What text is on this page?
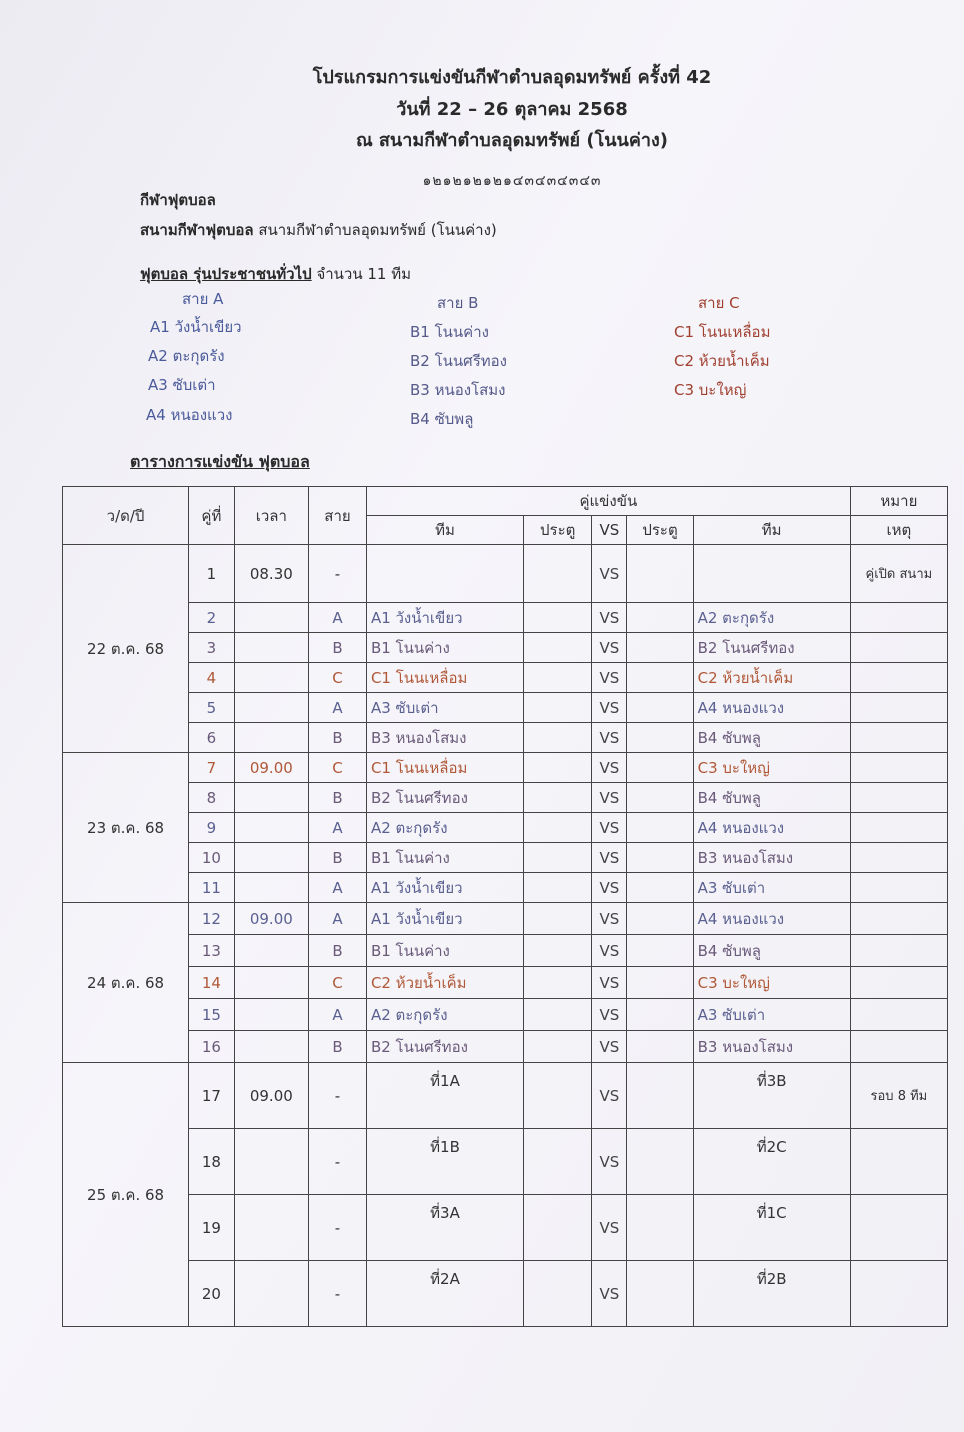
โปรแกรมการแข่งขันกีฬาตำบลอุดมทรัพย์ ครั้งที่ 42
วันที่ 22 – 26 ตุลาคม 2568
ณ สนามกีฬาตำบลอุดมทรัพย์ (โนนค่าง)
๑๒๑๒๑๒๑๒๑๔๓๔๓๔๓๔๓
กีฬาฟุตบอล
สนามกีฬาฟุตบอล สนามกีฬาตำบลอุดมทรัพย์ (โนนค่าง)
ฟุตบอล รุ่นประชาชนทั่วไป จำนวน 11 ทีม
สาย A
A1 วังน้ำเขียว
A2 ตะกุดรัง
A3 ซับเต่า
A4 หนองแวง
สาย B
B1 โนนค่าง
B2 โนนศรีทอง
B3 หนองโสมง
B4 ซับพลู
สาย C
C1 โนนเหลื่อม
C2 ห้วยน้ำเค็ม
C3 บะใหญ่
ตารางการแข่งขัน ฟุตบอล
ว/ด/ปี	คู่ที่	เวลา	สาย	คู่แข่งขัน					หมาย
				ทีม	ประตู	VS	ประตู	ทีม	เหตุ
22 ต.ค. 68	1	08.30	-			VS			คู่เปิด สนาม
	2		A	A1 วังน้ำเขียว		VS		A2 ตะกุดรัง	
	3		B	B1 โนนค่าง		VS		B2 โนนศรีทอง	
	4		C	C1 โนนเหลื่อม		VS		C2 ห้วยน้ำเค็ม	
	5		A	A3 ซับเต่า		VS		A4 หนองแวง	
	6		B	B3 หนองโสมง		VS		B4 ซับพลู	
23 ต.ค. 68	7	09.00	C	C1 โนนเหลื่อม		VS		C3 บะใหญ่	
	8		B	B2 โนนศรีทอง		VS		B4 ซับพลู	
	9		A	A2 ตะกุดรัง		VS		A4 หนองแวง	
	10		B	B1 โนนค่าง		VS		B3 หนองโสมง	
	11		A	A1 วังน้ำเขียว		VS		A3 ซับเต่า	
24 ต.ค. 68	12	09.00	A	A1 วังน้ำเขียว		VS		A4 หนองแวง	
	13		B	B1 โนนค่าง		VS		B4 ซับพลู	
	14		C	C2 ห้วยน้ำเค็ม		VS		C3 บะใหญ่	
	15		A	A2 ตะกุดรัง		VS		A3 ซับเต่า	
	16		B	B2 โนนศรีทอง		VS		B3 หนองโสมง	
25 ต.ค. 68	17	09.00	-	ที่1A		VS		ที่3B	รอบ 8 ทีม
	18		-	ที่1B		VS		ที่2C	
	19		-	ที่3A		VS		ที่1C	
	20		-	ที่2A		VS		ที่2B	
